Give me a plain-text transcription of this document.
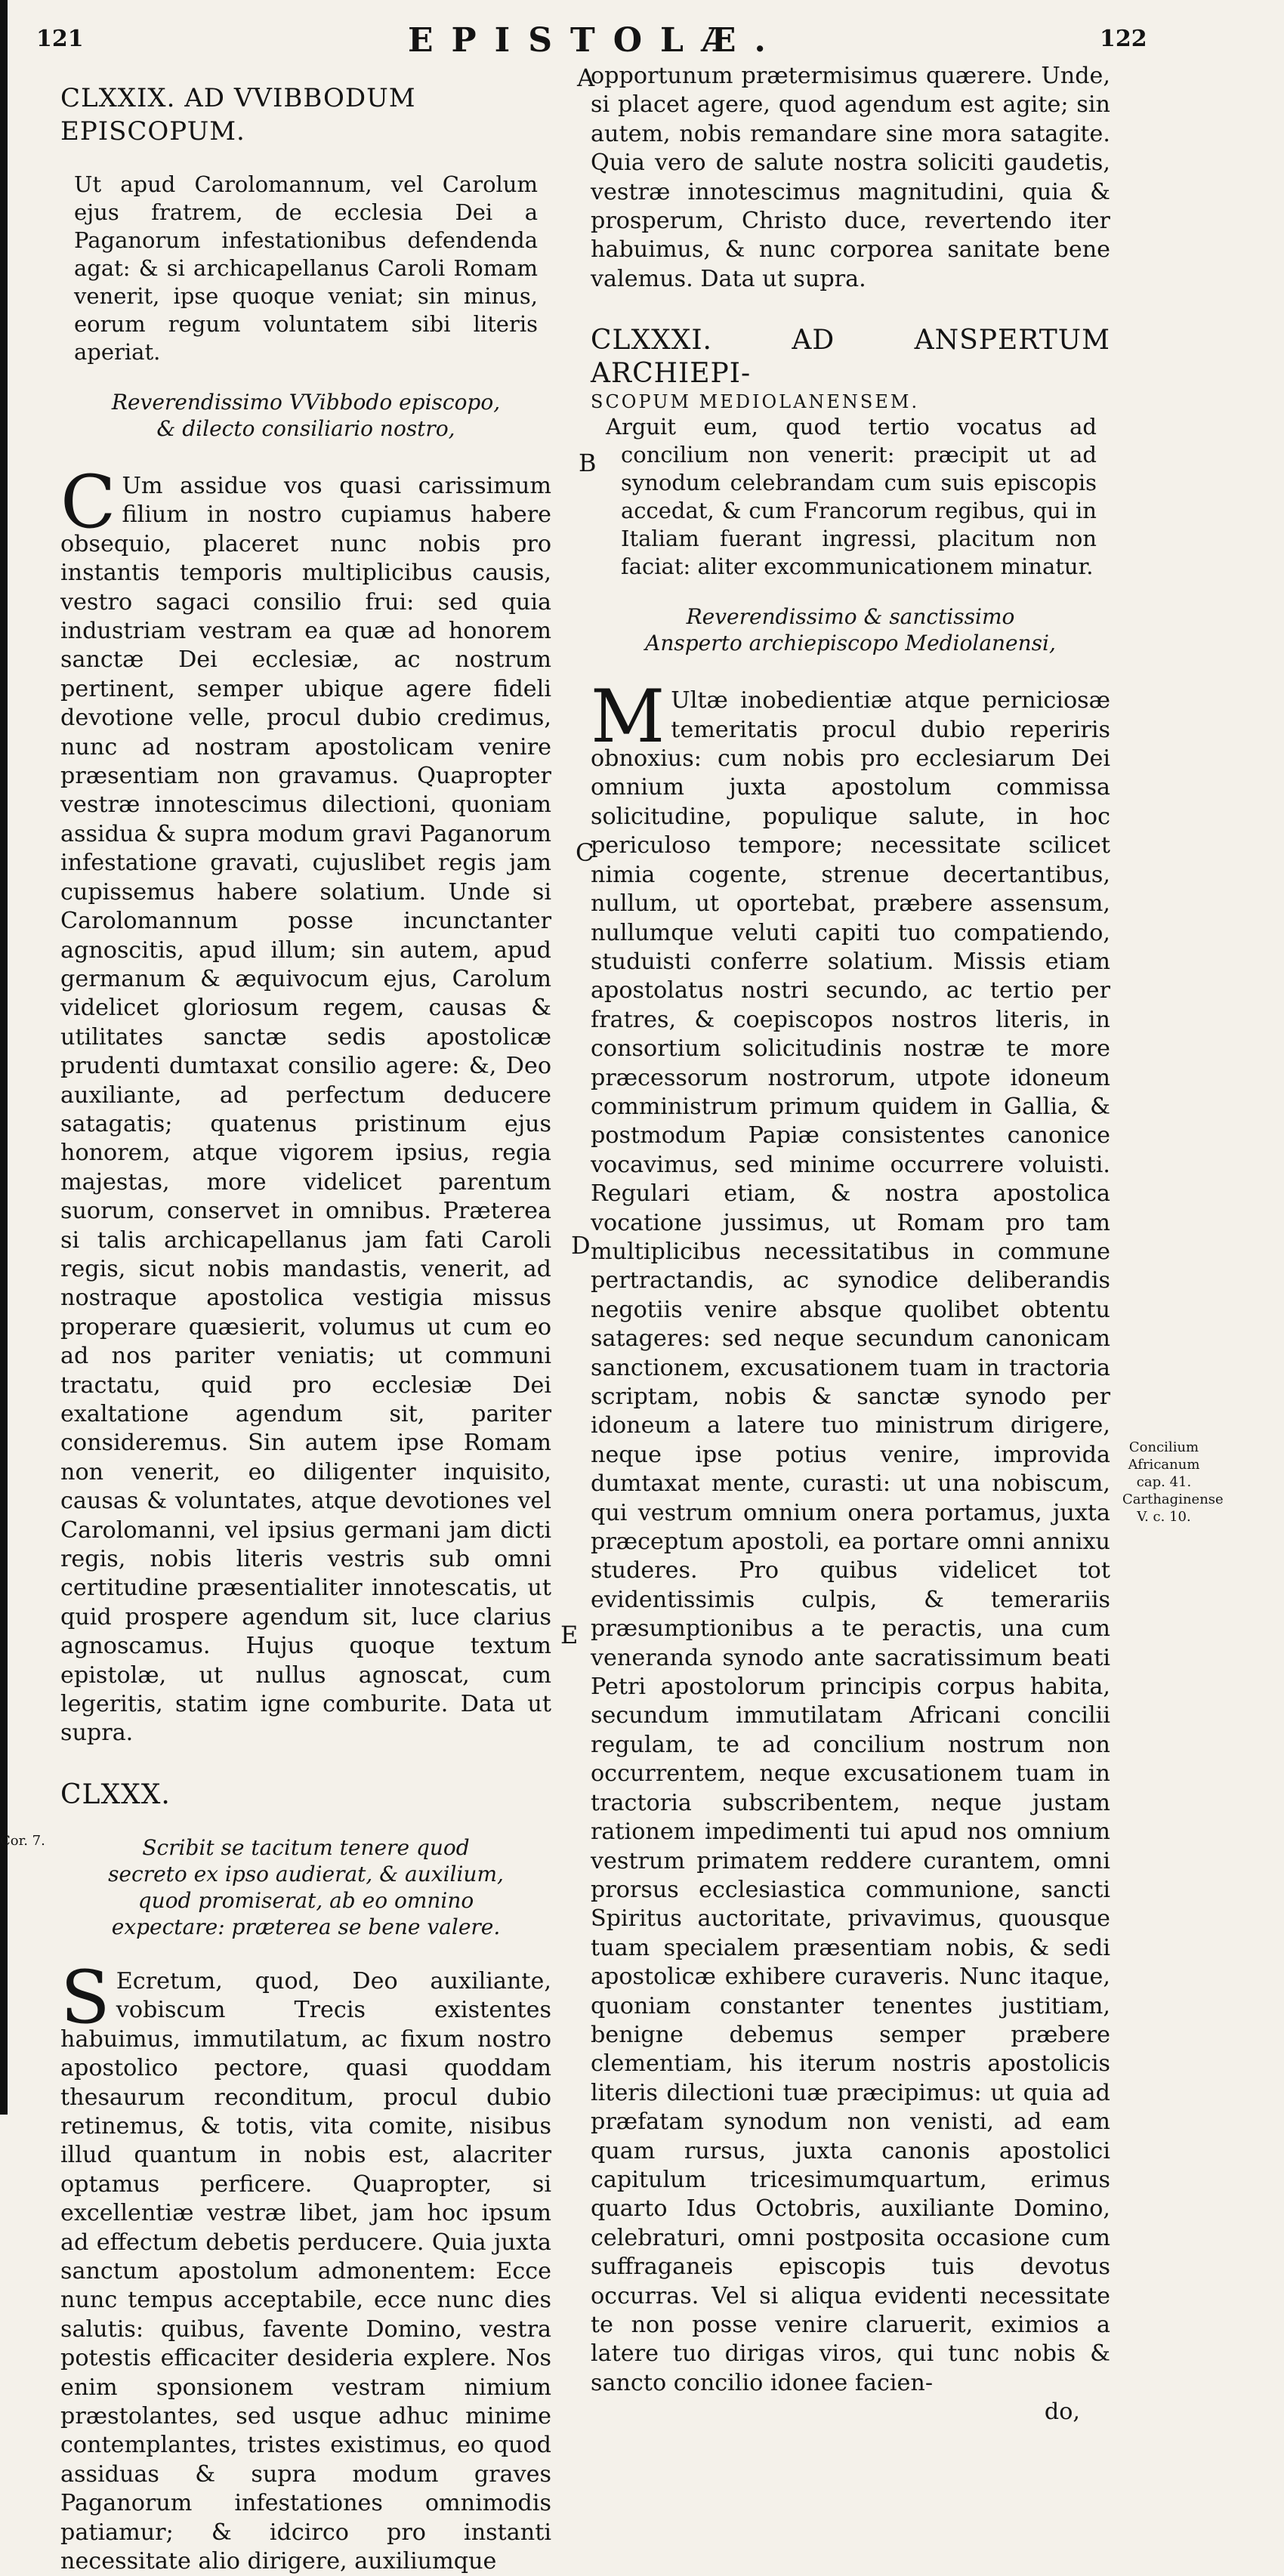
121	EPISTOLÆ.	122
A
B
C
D
E

CLXXIX. AD VVIBBODUM EPISCOPUM.

Ut apud Carolomannum, vel Carolum ejus fratrem, de ecclesia Dei a Paganorum infestationibus defendenda agat: & si archicapellanus Caroli Romam venerit, ipse quoque veniat; sin minus, eorum regum voluntatem sibi literis aperiat.

Reverendissimo VVibbodo episcopo, & dilecto consiliario nostro,

C Um assidue vos quasi carissimum filium in nostro cupiamus habere obsequio, placeret nunc nobis pro instantis temporis multiplicibus causis, vestro sagaci consilio frui: sed quia industriam vestram ea quæ ad honorem sanctæ Dei ecclesiæ, ac nostrum pertinent, semper ubique agere fideli devotione velle, procul dubio credimus, nunc ad nostram apostolicam venire præsentiam non gravamus. Quapropter vestræ innotescimus dilectioni, quoniam assidua & supra modum gravi Paganorum infestatione gravati, cujuslibet regis jam cupissemus habere solatium. Unde si Carolomannum posse incunctanter agnoscitis, apud illum; sin autem, apud germanum & æquivocum ejus, Carolum videlicet gloriosum regem, causas & utilitates sanctæ sedis apostolicæ prudenti dumtaxat consilio agere: &, Deo auxiliante, ad perfectum deducere satagatis; quatenus pristinum ejus honorem, atque vigorem ipsius, regia majestas, more videlicet parentum suorum, conservet in omnibus. Præterea si talis archicapellanus jam fati Caroli regis, sicut nobis mandastis, venerit, ad nostraque apostolica vestigia missus properare quæsierit, volumus ut cum eo ad nos pariter veniatis; ut communi tractatu, quid pro ecclesiæ Dei exaltatione agendum sit, pariter consideremus. Sin autem ipse Romam non venerit, eo diligenter inquisito, causas & voluntates, atque devotiones vel Carolomanni, vel ipsius germani jam dicti regis, nobis literis vestris sub omni certitudine præsentialiter innotescatis, ut quid prospere agendum sit, luce clarius agnoscamus. Hujus quoque textum epistolæ, ut nullus agnoscat, cum legeritis, statim igne comburite. Data ut supra.

CLXXX.

Scribit se tacitum tenere quod secreto ex ipso audierat, & auxilium, quod promiserat, ab eo omnino expectare: præterea se bene valere.

S Ecretum, quod, Deo auxiliante, vobiscum Trecis existentes habuimus, immutilatum, ac fixum nostro apostolico pectore, quasi quoddam thesaurum reconditum, procul dubio retinemus, & totis, vita comite, nisibus illud quantum in nobis est, alacriter optamus perficere. Quapropter, si excellentiæ vestræ libet, jam hoc ipsum ad effectum debetis perducere. Quia juxta sanctum apostolum admonentem: Ecce nunc tempus acceptabile, ecce nunc dies salutis: quibus, favente Domino, vestra potestis efficaciter desideria explere. Nos enim sponsionem vestram nimium præstolantes, sed usque adhuc minime contemplantes, tristes existimus, eo quod assiduas & supra modum graves Paganorum infestationes omnimodis patiamur; & idcirco pro instanti necessitate alio dirigere, auxiliumque

Cor. 7.

opportunum prætermisimus quærere. Unde, si placet agere, quod agendum est agite; sin autem, nobis remandare sine mora satagite. Quia vero de salute nostra soliciti gaudetis, vestræ innotescimus magnitudini, quia & prosperum, Christo duce, revertendo iter habuimus, & nunc corporea sanitate bene valemus. Data ut supra.

CLXXXI. AD ANSPERTUM ARCHIEPI-

SCOPUM MEDIOLANENSEM.

Arguit eum, quod tertio vocatus ad concilium non venerit: præcipit ut ad synodum celebrandam cum suis episcopis accedat, & cum Francorum regibus, qui in Italiam fuerant ingressi, placitum non faciat: aliter excommunicationem minatur.

Reverendissimo & sanctissimo Ansperto archiepiscopo Mediolanensi,

M Ultæ inobedientiæ atque perniciosæ temeritatis procul dubio reperiris obnoxius: cum nobis pro ecclesiarum Dei omnium juxta apostolum commissa solicitudine, populique salute, in hoc periculoso tempore; necessitate scilicet nimia cogente, strenue decertantibus, nullum, ut oportebat, præbere assensum, nullumque veluti capiti tuo compatiendo, studuisti conferre solatium. Missis etiam apostolatus nostri secundo, ac tertio per fratres, & coepiscopos nostros literis, in consortium solicitudinis nostræ te more præcessorum nostrorum, utpote idoneum comministrum primum quidem in Gallia, & postmodum Papiæ consistentes canonice vocavimus, sed minime occurrere voluisti. Regulari etiam, & nostra apostolica vocatione jussimus, ut Romam pro tam multiplicibus necessitatibus in commune pertractandis, ac synodice deliberandis negotiis venire absque quolibet obtentu satageres: sed neque secundum canonicam sanctionem, excusationem tuam in tractoria scriptam, nobis & sanctæ synodo per idoneum a latere tuo ministrum dirigere, neque ipse potius venire, improvida dumtaxat mente, curasti: ut una nobiscum, qui vestrum omnium onera portamus, juxta præceptum apostoli, ea portare omni annixu studeres. Pro quibus videlicet tot evidentissimis culpis, & temerariis præsumptionibus a te peractis, una cum veneranda synodo ante sacratissimum beati Petri apostolorum principis corpus habita, secundum immutilatam Africani concilii regulam, te ad concilium nostrum non occurrentem, neque excusationem tuam in tractoria subscribentem, neque justam rationem impedimenti tui apud nos omnium vestrum primatem reddere curantem, omni prorsus ecclesiastica communione, sancti Spiritus auctoritate, privavimus, quousque tuam specialem præsentiam nobis, & sedi apostolicæ exhibere curaveris. Nunc itaque, quoniam constanter tenentes justitiam, benigne debemus semper præbere clementiam, his iterum nostris apostolicis literis dilectioni tuæ præcipimus: ut quia ad præfatam synodum non venisti, ad eam quam rursus, juxta canonis apostolici capitulum tricesimumquartum, erimus quarto Idus Octobris, auxiliante Domino, celebraturi, omni postposita occasione cum suffraganeis episcopis tuis devotus occurras. Vel si aliqua evidenti necessitate te non posse venire claruerit, eximios a latere tuo dirigas viros, qui tunc nobis & sancto concilio idonee facien-

do,

Concilium Africanum cap. 41. Carthaginense V. c. 10.
